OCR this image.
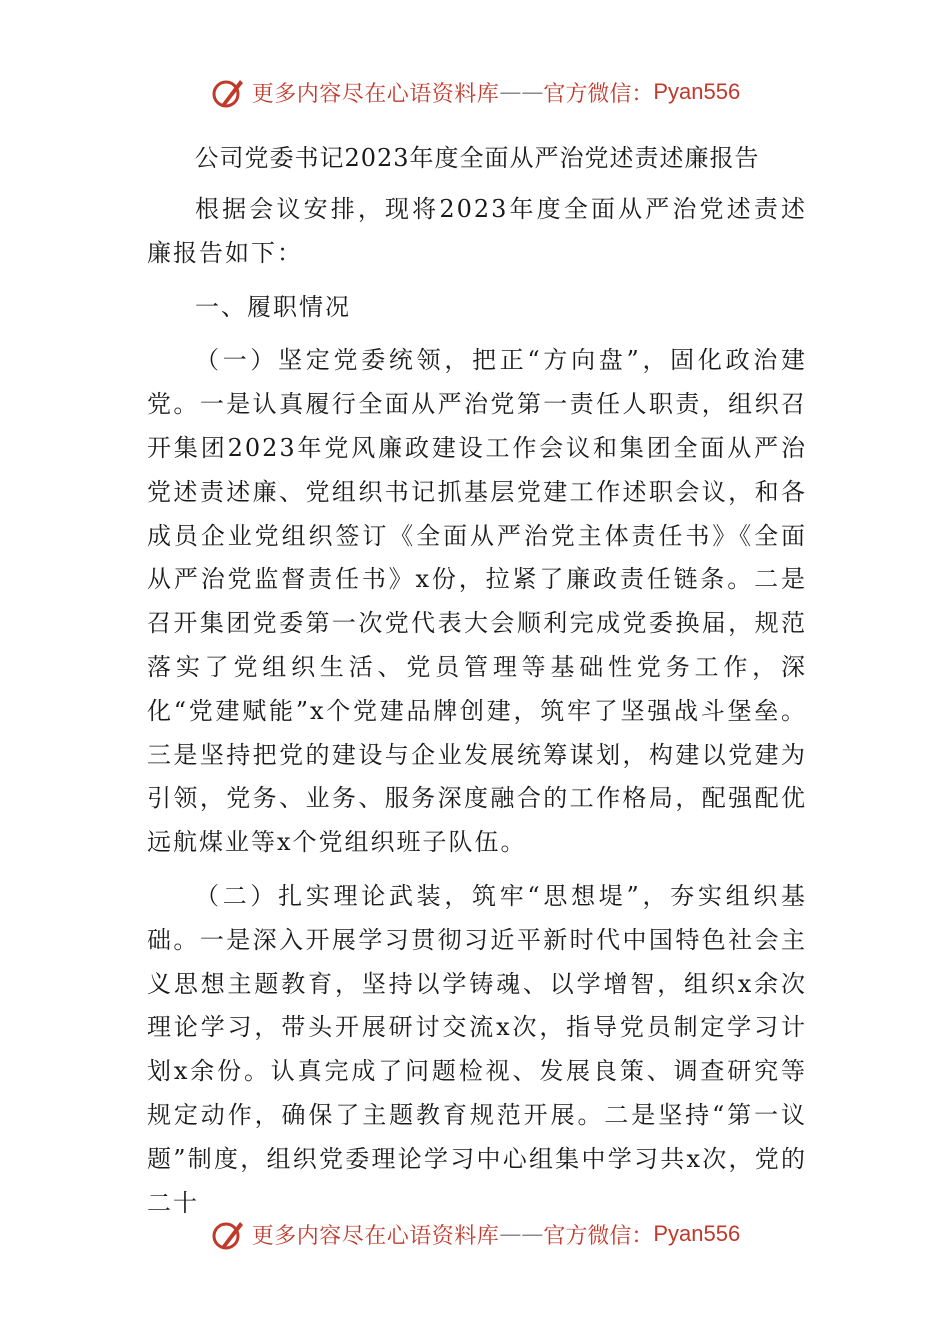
更多内容尽在心语资料库 —— 官方微信： Pyan556
公司党委书记2023年度全面从严治党述责述廉报告

根据会议安排，现将2023年度全面从严治党述责述廉报告如下：

一、履职情况

（一）坚定党委统领，把正“方向盘”，固化政治建党。一是认真履行全面从严治党第一责任人职责，组织召开集团2023年党风廉政建设工作会议和集团全面从严治党述责述廉、党组织书记抓基层党建工作述职会议，和各成员企业党组织签订《全面从严治党主体责任书》《全面从严治党监督责任书》x份，拉紧了廉政责任链条。二是召开集团党委第一次党代表大会顺利完成党委换届，规范落实了党组织生活、党员管理等基础性党务工作，深化“党建赋能”x个党建品牌创建，筑牢了坚强战斗堡垒。三是坚持把党的建设与企业发展统筹谋划，构建以党建为引领，党务、业务、服务深度融合的工作格局，配强配优远航煤业等x个党组织班子队伍。

（二）扎实理论武装，筑牢“思想堤”，夯实组织基础。一是深入开展学习贯彻习近平新时代中国特色社会主义思想主题教育，坚持以学铸魂、以学增智，组织x余次理论学习，带头开展研讨交流x次，指导党员制定学习计划x余份。认真完成了问题检视、发展良策、调查研究等规定动作，确保了主题教育规范开展。二是坚持“第一议题”制度，组织党委理论学习中心组集中学习共x次，党的二十

更多内容尽在心语资料库 —— 官方微信： Pyan556
